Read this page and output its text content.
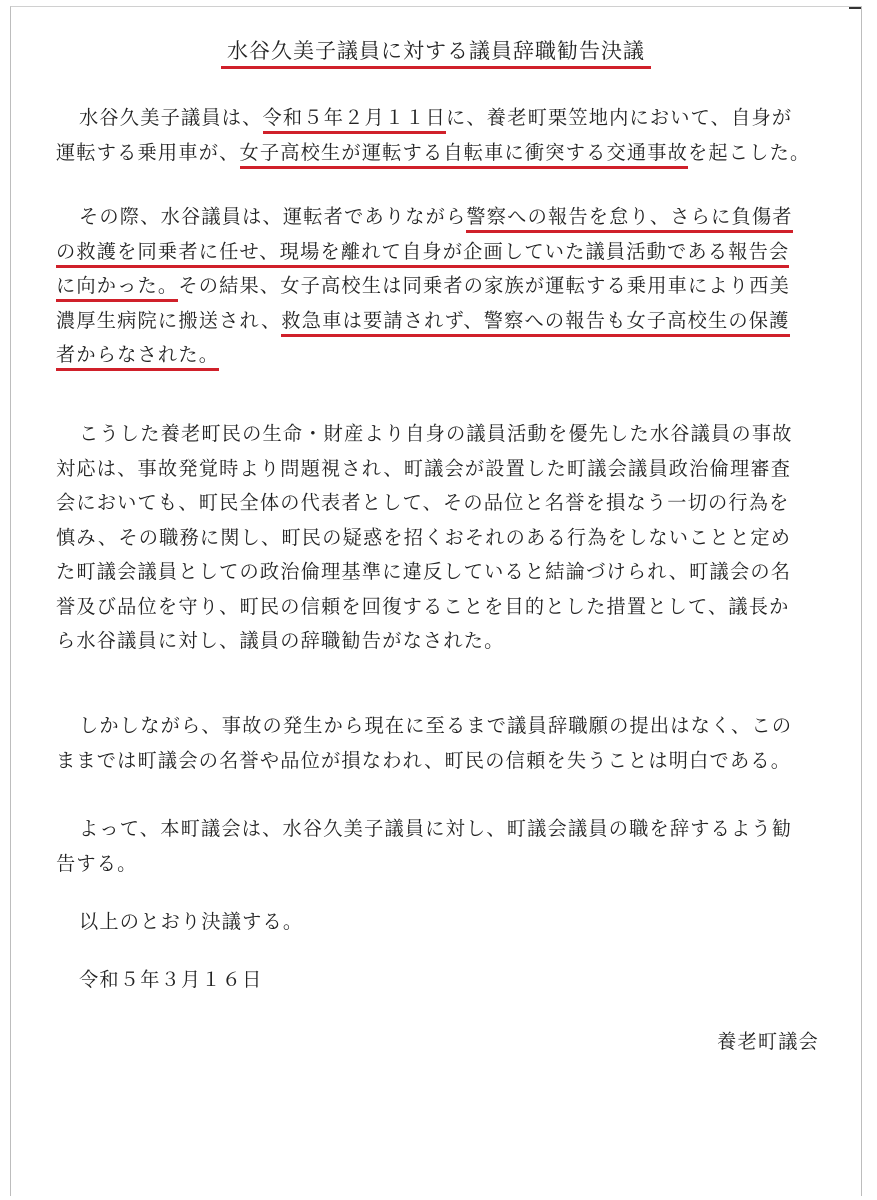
水谷久美子議員に対する議員辞職勧告決議
水谷久美子議員は、令和５年２月１１日に、養老町栗笠地内において、自身が
運転する乗用車が、女子高校生が運転する自転車に衝突する交通事故を起こした。
その際、水谷議員は、運転者でありながら警察への報告を怠り、さらに負傷者
の救護を同乗者に任せ、現場を離れて自身が企画していた議員活動である報告会
に向かった。その結果、女子高校生は同乗者の家族が運転する乗用車により西美
濃厚生病院に搬送され、救急車は要請されず、警察への報告も女子高校生の保護
者からなされた。
こうした養老町民の生命・財産より自身の議員活動を優先した水谷議員の事故
対応は、事故発覚時より問題視され、町議会が設置した町議会議員政治倫理審査
会においても、町民全体の代表者として、その品位と名誉を損なう一切の行為を
慎み、その職務に関し、町民の疑惑を招くおそれのある行為をしないことと定め
た町議会議員としての政治倫理基準に違反していると結論づけられ、町議会の名
誉及び品位を守り、町民の信頼を回復することを目的とした措置として、議長か
ら水谷議員に対し、議員の辞職勧告がなされた。
しかしながら、事故の発生から現在に至るまで議員辞職願の提出はなく、この
ままでは町議会の名誉や品位が損なわれ、町民の信頼を失うことは明白である。
よって、本町議会は、水谷久美子議員に対し、町議会議員の職を辞するよう勧
告する。
以上のとおり決議する。
令和５年３月１６日
養老町議会
